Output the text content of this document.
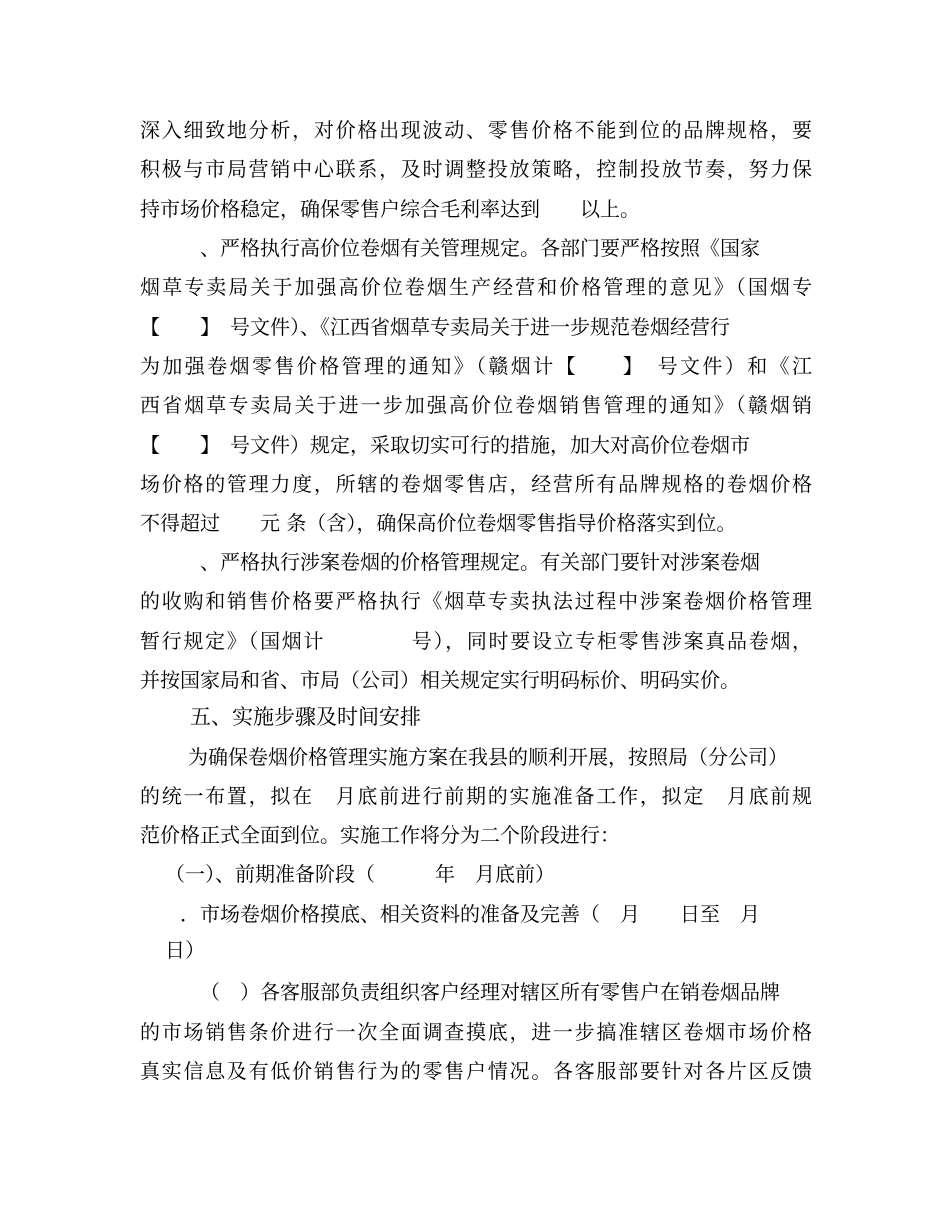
深入细致地分析，对价格出现波动、零售价格不能到位的品牌规格，要
积极与市局营销中心联系，及时调整投放策略，控制投放节奏，努力保
持市场价格稳定，确保零售户综合毛利率达到　　以上。
、严格执行高价位卷烟有关管理规定。各部门要严格按照《国家
烟草专卖局关于加强高价位卷烟生产经营和价格管理的意见》（国烟专
【　　】　号文件）、《江西省烟草专卖局关于进一步规范卷烟经营行
为加强卷烟零售价格管理的通知》（赣烟计【　　】　号文件）和《江
西省烟草专卖局关于进一步加强高价位卷烟销售管理的通知》（赣烟销
【　　】　号文件）规定，采取切实可行的措施，加大对高价位卷烟市
场价格的管理力度，所辖的卷烟零售店，经营所有品牌规格的卷烟价格
不得超过　　元 条（含），确保高价位卷烟零售指导价格落实到位。
、严格执行涉案卷烟的价格管理规定。有关部门要针对涉案卷烟
的收购和销售价格要严格执行《烟草专卖执法过程中涉案卷烟价格管理
暂行规定》（国烟计　　　　号），同时要设立专柜零售涉案真品卷烟，
并按国家局和省、市局（公司）相关规定实行明码标价、明码实价。
五、实施步骤及时间安排
为确保卷烟价格管理实施方案在我县的顺利开展，按照局（分公司）
的统一布置，拟在　月底前进行前期的实施准备工作，拟定　月底前规
范价格正式全面到位。实施工作将分为二个阶段进行：
（一）、前期准备阶段（　　　年　月底前）
．市场卷烟价格摸底、相关资料的准备及完善（　月　　日至　月
日）
（　）各客服部负责组织客户经理对辖区所有零售户在销卷烟品牌
的市场销售条价进行一次全面调查摸底，进一步搞准辖区卷烟市场价格
真实信息及有低价销售行为的零售户情况。各客服部要针对各片区反馈
